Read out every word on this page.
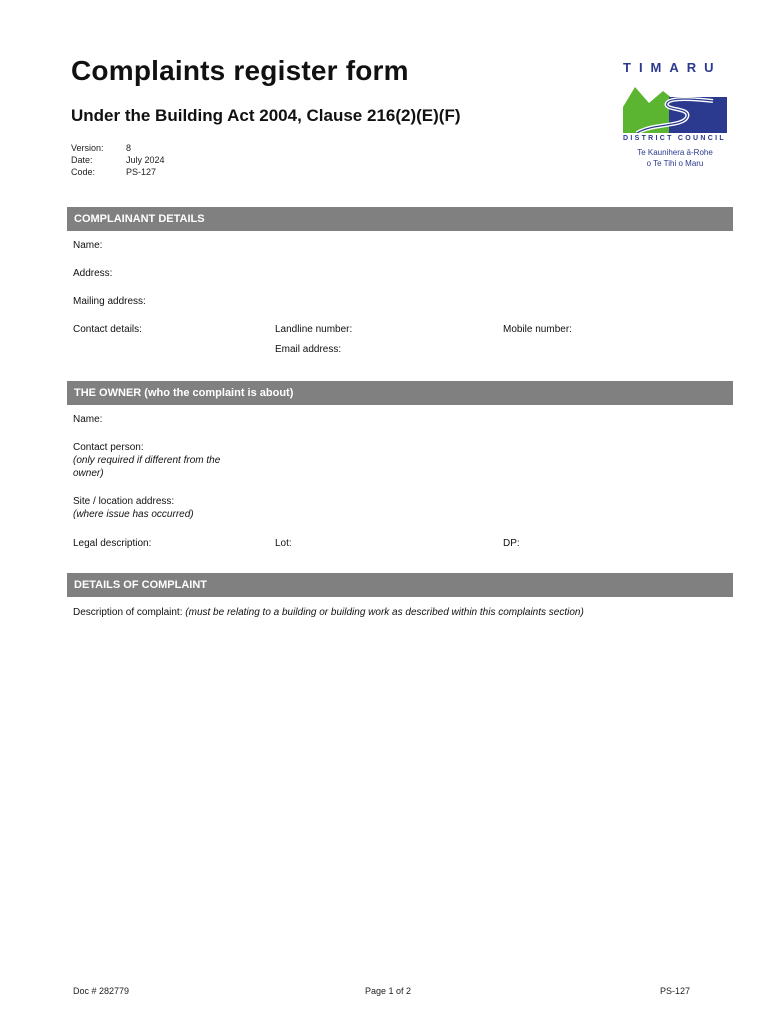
Complaints register form
Under the Building Act 2004, Clause 216(2)(E)(F)
Version: 8
Date:	July 2024
Code:	PS-127
TIMARU
DISTRICT COUNCIL
Te Kaunihera ā-Rohe
o Te Tihi o Maru
COMPLAINANT DETAILS
Name:
Address:
Mailing address:
Contact details:	Landline number:	Mobile number:
Email address:
THE OWNER (who the complaint is about)
Name:
Contact person:
(only required if different from the
owner)
Site / location address:
(where issue has occurred)
Legal description:	Lot:	DP:
DETAILS OF COMPLAINT
Description of complaint: (must be relating to a building or building work as described within this complaints section)
Doc # 282779	Page 1 of 2	PS-127
